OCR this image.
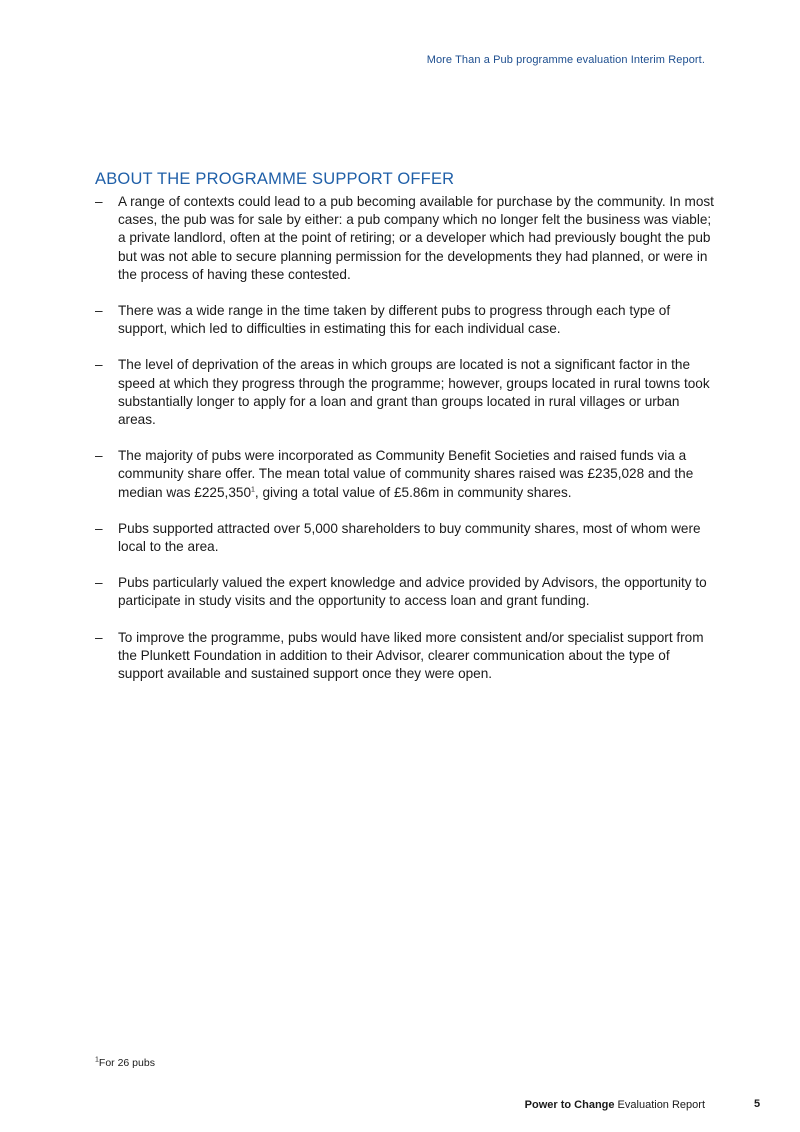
More Than a Pub programme evaluation Interim Report.
ABOUT THE PROGRAMME SUPPORT OFFER
– A range of contexts could lead to a pub becoming available for purchase by the community. In most cases, the pub was for sale by either: a pub company which no longer felt the business was viable; a private landlord, often at the point of retiring; or a developer which had previously bought the pub but was not able to secure planning permission for the developments they had planned, or were in the process of having these contested.
– There was a wide range in the time taken by different pubs to progress through each type of support, which led to difficulties in estimating this for each individual case.
– The level of deprivation of the areas in which groups are located is not a significant factor in the speed at which they progress through the programme; however, groups located in rural towns took substantially longer to apply for a loan and grant than groups located in rural villages or urban areas.
– The majority of pubs were incorporated as Community Benefit Societies and raised funds via a community share offer. The mean total value of community shares raised was £235,028 and the median was £225,350$^1$, giving a total value of £5.86m in community shares.
– Pubs supported attracted over 5,000 shareholders to buy community shares, most of whom were local to the area.
– Pubs particularly valued the expert knowledge and advice provided by Advisors, the opportunity to participate in study visits and the opportunity to access loan and grant funding.
– To improve the programme, pubs would have liked more consistent and/or specialist support from the Plunkett Foundation in addition to their Advisor, clearer communication about the type of support available and sustained support once they were open.
$^1$For 26 pubs
Power to Change Evaluation Report	5
